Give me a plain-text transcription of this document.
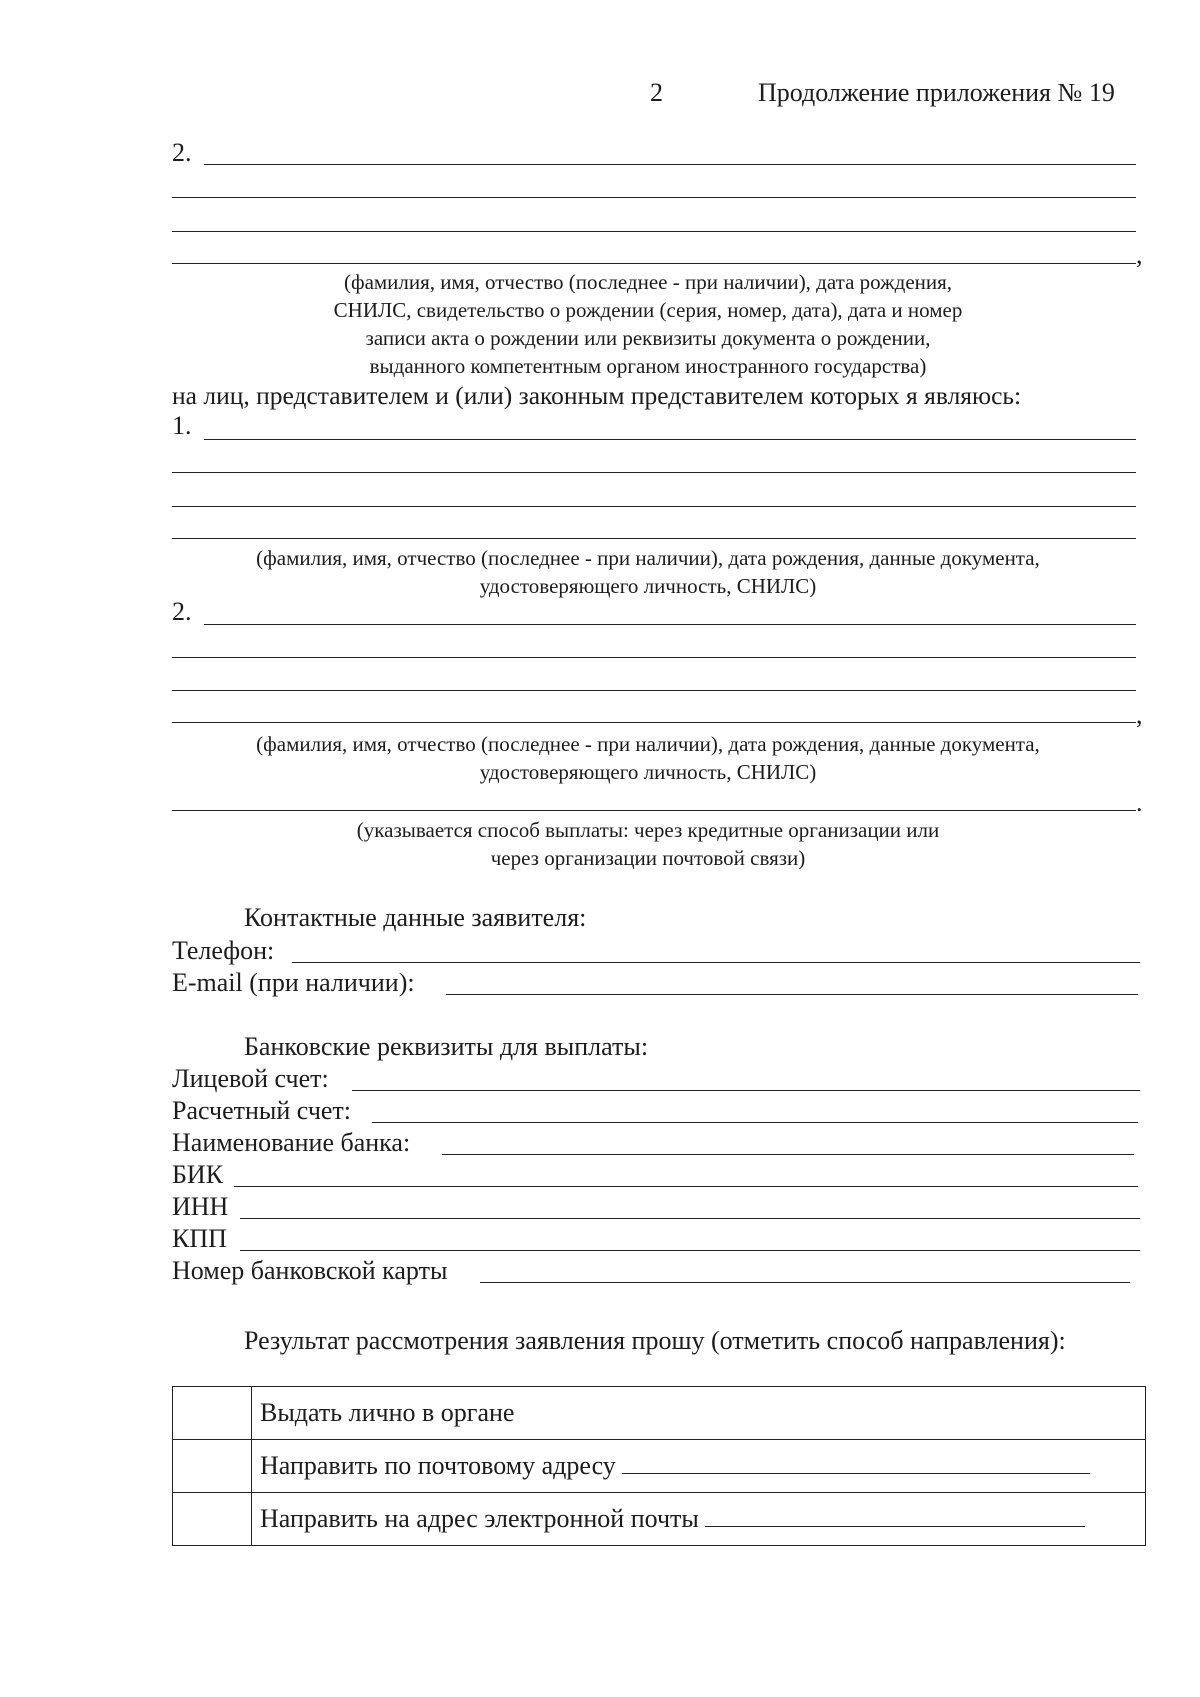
2	Продолжение приложения № 19
2.
,
(фамилия, имя, отчество (последнее - при наличии), дата рождения,
СНИЛС, свидетельство о рождении (серия, номер, дата), дата и номер
записи акта о рождении или реквизиты документа о рождении,
выданного компетентным органом иностранного государства)
на лиц, представителем и (или) законным представителем которых я являюсь:
1.
(фамилия, имя, отчество (последнее - при наличии), дата рождения, данные документа,
удостоверяющего личность, СНИЛС)
2.
,
(фамилия, имя, отчество (последнее - при наличии), дата рождения, данные документа,
удостоверяющего личность, СНИЛС)
.
(указывается способ выплаты: через кредитные организации или
через организации почтовой связи)
Контактные данные заявителя:
Телефон:
E-mail (при наличии):
Банковские реквизиты для выплаты:
Лицевой счет:
Расчетный счет:
Наименование банка:
БИК
ИНН
КПП
Номер банковской карты
Результат рассмотрения заявления прошу (отметить способ направления):
	Выдать лично в органе
	Направить по почтовому адресу
	Направить на адрес электронной почты
